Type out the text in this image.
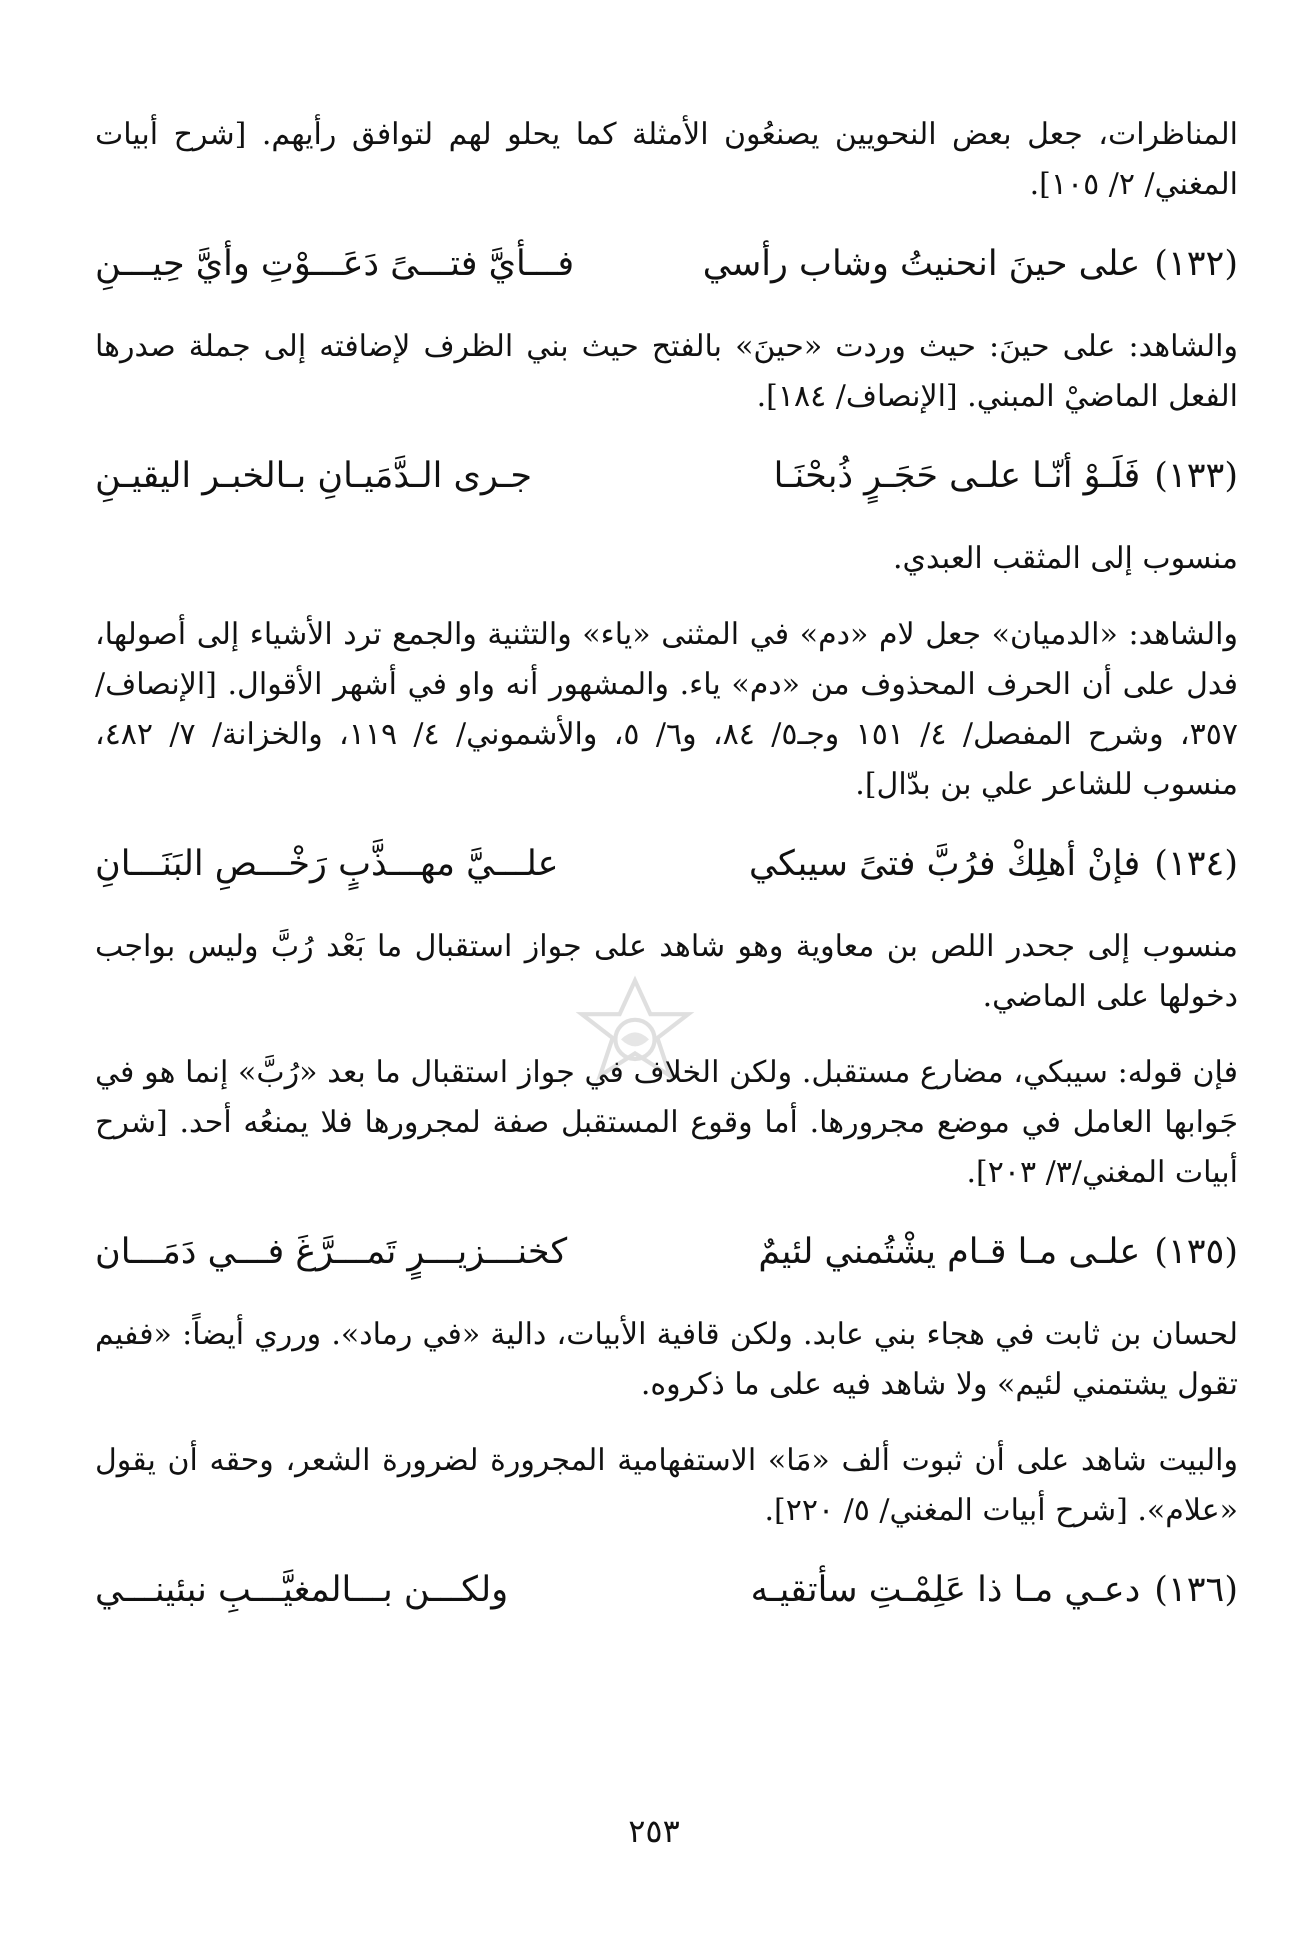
المناظرات، جعل بعض النحويين يصنعُون الأمثلة كما يحلو لهم لتوافق رأيهم. [شرح أبيات المغني/ ٢/ ١٠٥].

(١٣٢)
على حينَ انحنيتُ وشاب رأسي
فـــأيَّ فتـــىً دَعَـــوْتِ وأيَّ حِيـــنِ

والشاهد: على حينَ: حيث وردت «حينَ» بالفتح حيث بني الظرف لإضافته إلى جملة صدرها الفعل الماضيْ المبني. [الإنصاف/ ١٨٤].

(١٣٣)
فَلَـوْ أنّـا علـى حَجَـرٍ ذُبحْنَـا
جـرى الـدَّمَيـانِ بـالخبـر اليقيـنِ

منسوب إلى المثقب العبدي.

والشاهد: «الدميان» جعل لام «دم» في المثنى «ياء» والتثنية والجمع ترد الأشياء إلى أصولها، فدل على أن الحرف المحذوف من «دم» ياء. والمشهور أنه واو في أشهر الأقوال. [الإنصاف/٣٥٧، وشرح المفصل/ ٤/ ١٥١ وجـ٥/ ٨٤، و٦/ ٥، والأشموني/ ٤/ ١١٩، والخزانة/ ٧/ ٤٨٢، منسوب للشاعر علي بن بدّال].

(١٣٤)
فإنْ أهلِكْ فرُبَّ فتىً سيبكي
علـــيَّ مهـــذَّبٍ رَخْـــصِ البَنَـــانِ

منسوب إلى جحدر اللص بن معاوية وهو شاهد على جواز استقبال ما بَعْد رُبَّ وليس بواجب دخولها على الماضي.

فإن قوله: سيبكي، مضارع مستقبل. ولكن الخلاف في جواز استقبال ما بعد «رُبَّ» إنما هو في جَوابها العامل في موضع مجرورها. أما وقوع المستقبل صفة لمجرورها فلا يمنعُه أحد. [شرح أبيات المغني/٣/ ٢٠٣].

(١٣٥)
علـى مـا قـام يشْتُمني لئيمٌ
كخنـــزيـــرٍ تَمـــرَّغَ فـــي دَمَـــان

لحسان بن ثابت في هجاء بني عابد. ولكن قافية الأبيات، دالية «في رماد». ورري أيضاً: «ففيم تقول يشتمني لئيم» ولا شاهد فيه على ما ذكروه.

والبيت شاهد على أن ثبوت ألف «مَا» الاستفهامية المجرورة لضرورة الشعر، وحقه أن يقول «علام». [شرح أبيات المغني/ ٥/ ٢٢٠].

(١٣٦)
دعـي مـا ذا عَلِمْـتِ سأتقيـه
ولكـــن بـــالمغيَّـــبِ نبئينـــي
٢٥٣
